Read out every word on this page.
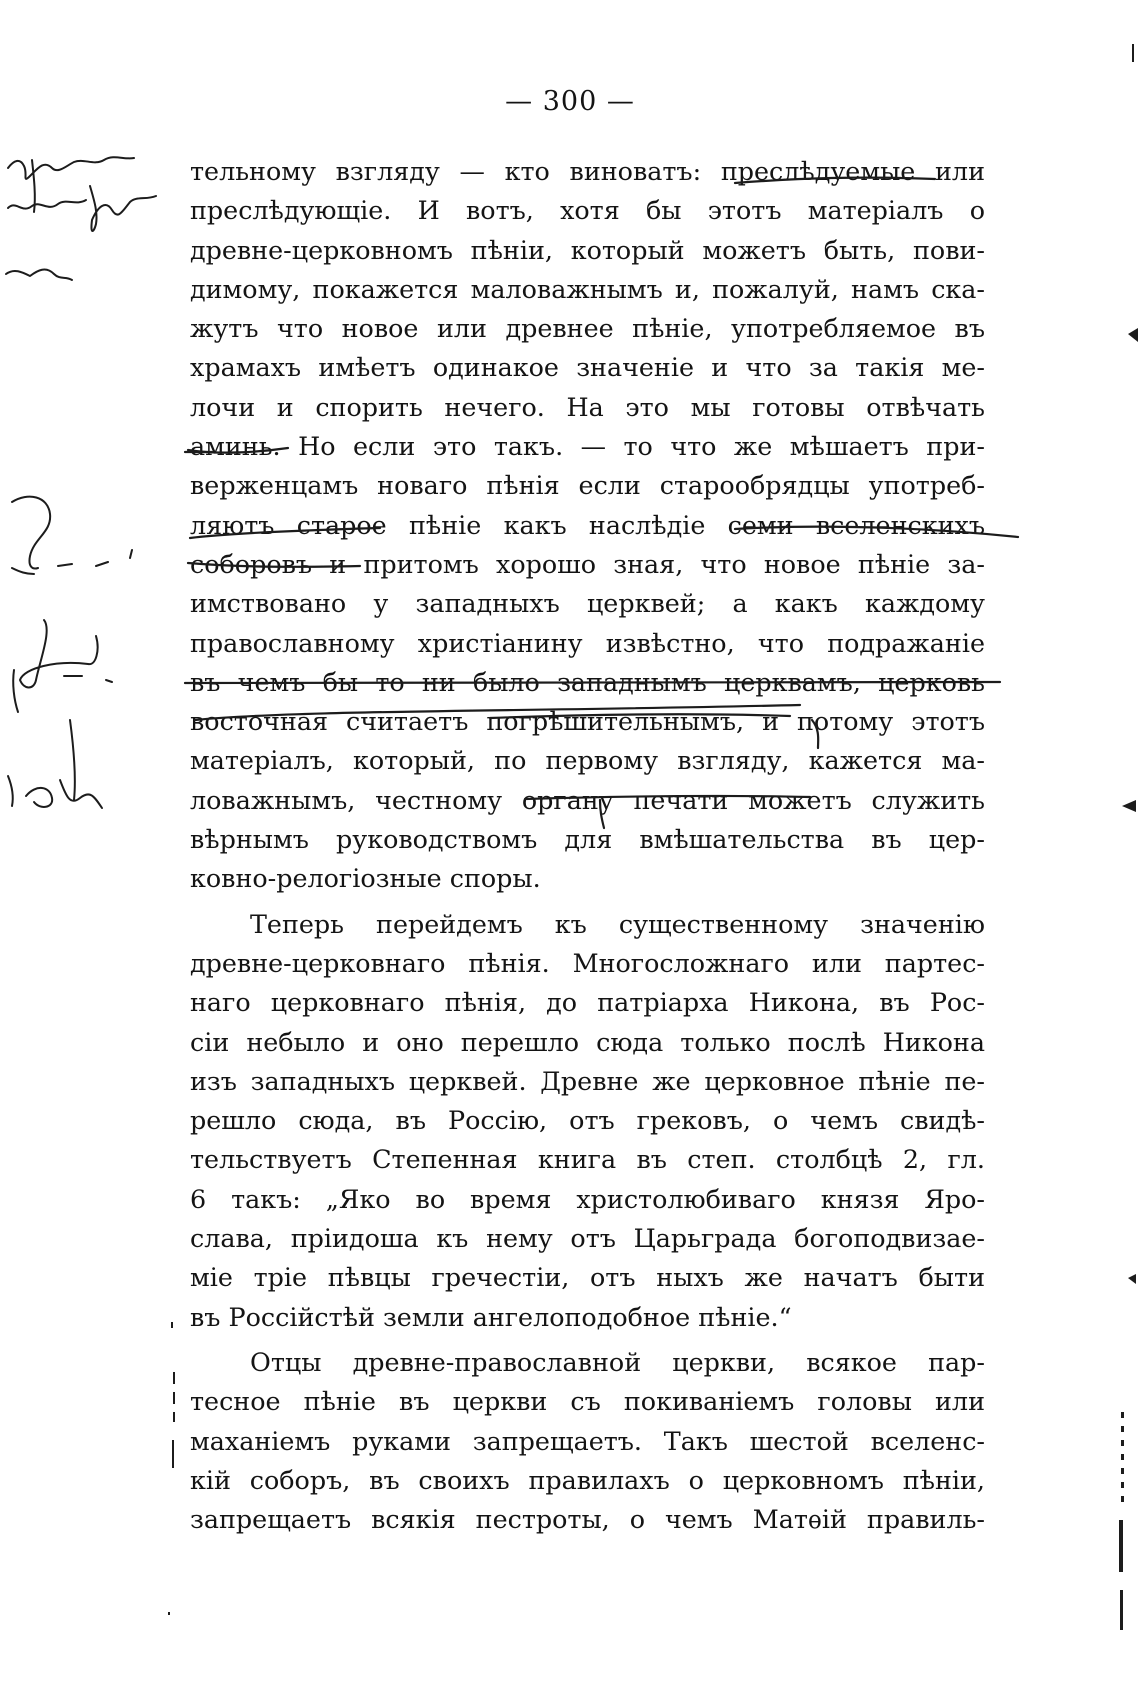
— 300 —
тельному взгляду — кто виноватъ: преслѣдуемые или
преслѣдующіе. И вотъ, хотя бы этотъ матеріалъ о
древне-церковномъ пѣніи, который можетъ быть, пови-
димому, покажется маловажнымъ и, пожалуй, намъ ска-
жутъ что новое или древнее пѣніе, употребляемое въ
храмахъ имѣетъ одинакое значеніе и что за такія ме-
лочи и спорить нечего. На это мы готовы отвѣчать
аминь. Но если это такъ. — то что же мѣшаетъ при-
верженцамъ новаго пѣнія если старообрядцы употреб-
ляютъ старое пѣніе какъ наслѣдіе семи вселенскихъ
соборовъ и притомъ хорошо зная, что новое пѣніе за-
имствовано у западныхъ церквей; а какъ каждому
православному христіанину извѣстно, что подражаніе
въ чемъ бы то ни было западнымъ церквамъ, церковь
восточная считаетъ погрѣшительнымъ, и потому этотъ
матеріалъ, который, по первому взгляду, кажется ма-
ловажнымъ, честному органу печати можетъ служить
вѣрнымъ руководствомъ для вмѣшательства въ цер-
ковно-релогіозные споры.
Теперь перейдемъ къ существенному значенію
древне-церковнаго пѣнія. Многосложнаго или партес-
наго церковнаго пѣнія, до патріарха Никона, въ Рос-
сіи небыло и оно перешло сюда только послѣ Никона
изъ западныхъ церквей. Древне же церковное пѣніе пе-
решло сюда, въ Россію, отъ грековъ, о чемъ свидѣ-
тельствуетъ Степенная книга въ степ. столбцѣ 2, гл.
6 такъ: „Яко во время христолюбиваго князя Яро-
слава, пріидоша къ нему отъ Царьграда богоподвизае-
міе тріе пѣвцы гречестіи, отъ ныхъ же начатъ быти
въ Россійстѣй земли ангелоподобное пѣніе.“
Отцы древне-православной церкви, всякое пар-
тесное пѣніе въ церкви съ покиваніемъ головы или
маханіемъ руками запрещаетъ. Такъ шестой вселенс-
кій соборъ, въ своихъ правилахъ о церковномъ пѣніи,
запрещаетъ всякія пестроты, о чемъ Матѳій правиль-
